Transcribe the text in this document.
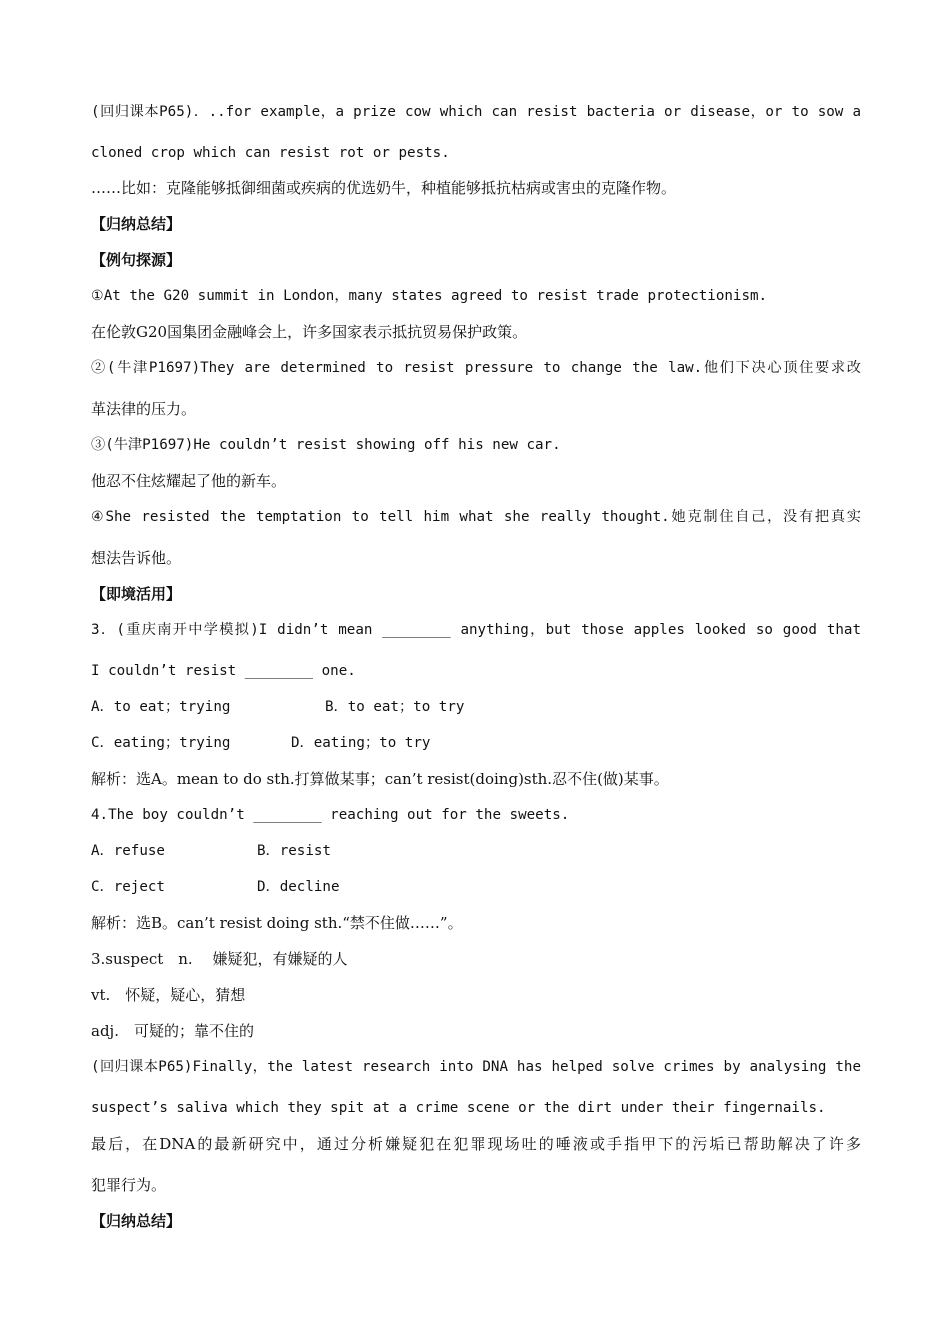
(回归课本P65)．..for example，a prize cow which can resist bacteria or disease，or to sow a
cloned crop which can resist rot or pests.
……比如：克隆能够抵御细菌或疾病的优选奶牛，种植能够抵抗枯病或害虫的克隆作物。
【归纳总结】
【例句探源】
①At the G20 summit in London，many states agreed to resist trade protectionism.
在伦敦G20国集团金融峰会上，许多国家表示抵抗贸易保护政策。
②(牛津P1697)They are determined to resist pressure to change the law.他们下决心顶住要求改
革法律的压力。
③(牛津P1697)He couldn’t resist showing off his new car.
他忍不住炫耀起了他的新车。
④She resisted the temptation to tell him what she really thought.她克制住自己，没有把真实
想法告诉他。
【即境活用】
3．(重庆南开中学模拟)I didn’t mean ________ anything，but those apples looked so good that
I couldn’t resist ________ one.
A．to eat；trying	B．to eat；to try
C．eating；trying	D．eating；to try
解析：选A。mean to do sth.打算做某事；can’t resist(doing)sth.忍不住(做)某事。
4.The boy couldn’t ________ reaching out for the sweets.
A．refuse	B．resist
C．reject	D．decline
解析：选B。can’t resist doing sth.“禁不住做……”。
3.suspect　n.　 嫌疑犯，有嫌疑的人
vt.　怀疑，疑心，猜想
adj.　可疑的；靠不住的
(回归课本P65)Finally，the latest research into DNA has helped solve crimes by analysing the
suspect’s saliva which they spit at a crime scene or the dirt under their fingernails.
最后，在DNA的最新研究中，通过分析嫌疑犯在犯罪现场吐的唾液或手指甲下的污垢已帮助解决了许多
犯罪行为。
【归纳总结】
